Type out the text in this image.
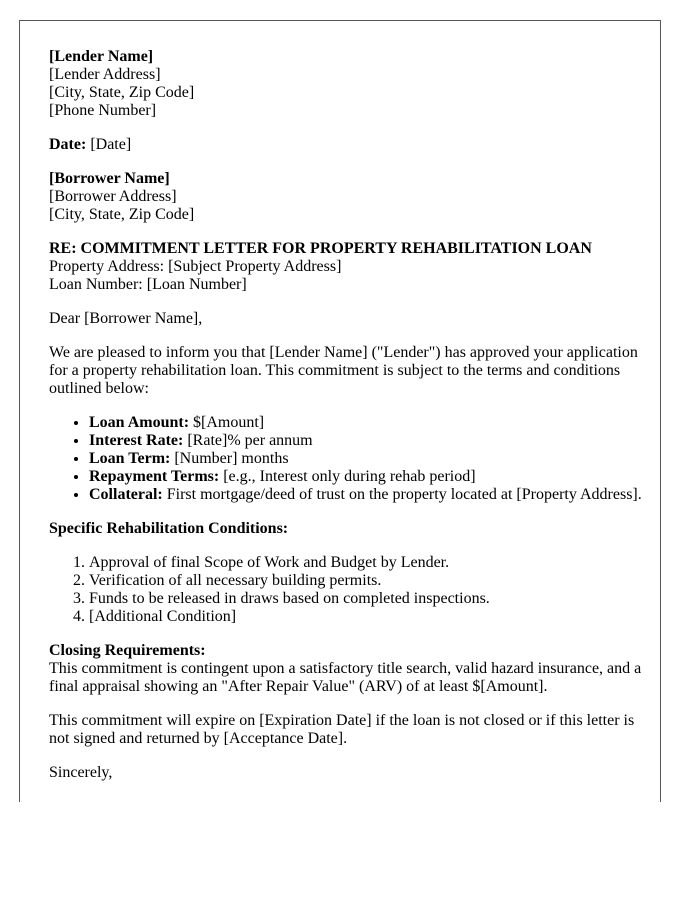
[Lender Name]
[Lender Address]
[City, State, Zip Code]
[Phone Number]

Date: [Date]

[Borrower Name]
[Borrower Address]
[City, State, Zip Code]

RE: COMMITMENT LETTER FOR PROPERTY REHABILITATION LOAN
Property Address: [Subject Property Address]
Loan Number: [Loan Number]

Dear [Borrower Name],

We are pleased to inform you that [Lender Name] ("Lender") has approved your application for a property rehabilitation loan. This commitment is subject to the terms and conditions outlined below:

• Loan Amount: $[Amount]
• Interest Rate: [Rate]% per annum
• Loan Term: [Number] months
• Repayment Terms: [e.g., Interest only during rehab period]
• Collateral: First mortgage/deed of trust on the property located at [Property Address].

Specific Rehabilitation Conditions:

1. Approval of final Scope of Work and Budget by Lender.
2. Verification of all necessary building permits.
3. Funds to be released in draws based on completed inspections.
4. [Additional Condition]

Closing Requirements:
This commitment is contingent upon a satisfactory title search, valid hazard insurance, and a final appraisal showing an "After Repair Value" (ARV) of at least $[Amount].

This commitment will expire on [Expiration Date] if the loan is not closed or if this letter is not signed and returned by [Acceptance Date].

Sincerely,
